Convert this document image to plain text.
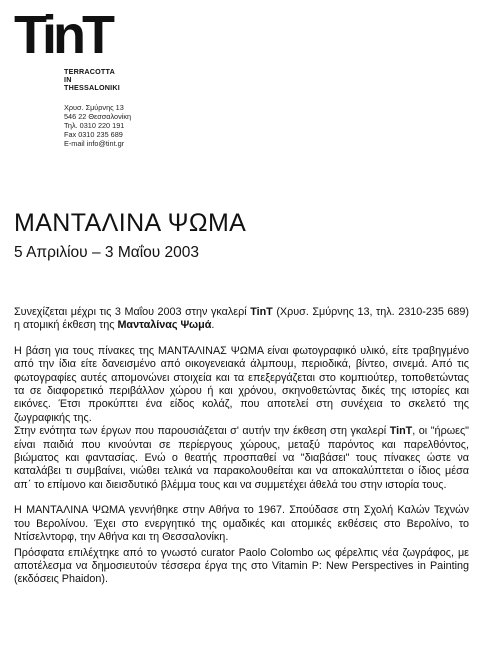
TinT
TERRACOTTA
IN THESSALONIKI
Χρυσ. Σμύρνης 13
546 22 Θεσσαλονίκη
Τηλ. 0310 220 191
Fax 0310 235 689
E-mail info@tint.gr
ΜΑΝΤΑΛΙΝΑ ΨΩΜΑ
5 Απριλίου – 3 Μαΐου 2003

Συνεχίζεται μέχρι τις 3 Μαΐου 2003 στην γκαλερί TinT (Χρυσ. Σμύρνης 13, τηλ. 2310-235 689) η ατομική έκθεση της Μανταλίνας Ψωμά.

Η βάση για τους πίνακες της ΜΑΝΤΑΛΙΝΑΣ ΨΩΜΑ είναι φωτογραφικό υλικό, είτε τραβηγμένο από την ίδια είτε δανεισμένο από οικογενειακά άλμπουμ, περιοδικά, βίντεο, σινεμά. Από τις φωτογραφίες αυτές απομονώνει στοιχεία και τα επεξεργάζεται στο κομπιούτερ, τοποθετώντας τα σε διαφορετικό περιβάλλον χώρου ή και χρόνου, σκηνοθετώντας δικές της ιστορίες και εικόνες. Έτσι προκύπτει ένα είδος κολάζ, που αποτελεί στη συνέχεια το σκελετό της ζωγραφικής της.

Στην ενότητα των έργων που παρουσιάζεται σ' αυτήν την έκθεση στη γκαλερί TinT, οι "ήρωες" είναι παιδιά που κινούνται σε περίεργους χώρους, μεταξύ παρόντος και παρελθόντος, βιώματος και φαντασίας. Ενώ ο θεατής προσπαθεί να "διαβάσει" τους πίνακες ώστε να καταλάβει τι συμβαίνει, νιώθει τελικά να παρακολουθείται και να αποκαλύπτεται ο ίδιος μέσα απ΄ το επίμονο και διεισδυτικό βλέμμα τους και να συμμετέχει άθελά του στην ιστορία τους.

Η ΜΑΝΤΑΛΙΝΑ ΨΩΜΑ γεννήθηκε στην Αθήνα το 1967. Σπούδασε στη Σχολή Καλών Τεχνών του Βερολίνου. Έχει στο ενεργητικό της ομαδικές και ατομικές εκθέσεις στο Βερολίνο, το Ντίσελντορφ, την Αθήνα και τη Θεσσαλονίκη.

Πρόσφατα επιλέχτηκε από το γνωστό curator Paolo Colombo ως φέρελπις νέα ζωγράφος, με αποτέλεσμα να δημοσιευτούν τέσσερα έργα της στο Vitamin P: New Perspectives in Painting (εκδόσεις Phaidon).
